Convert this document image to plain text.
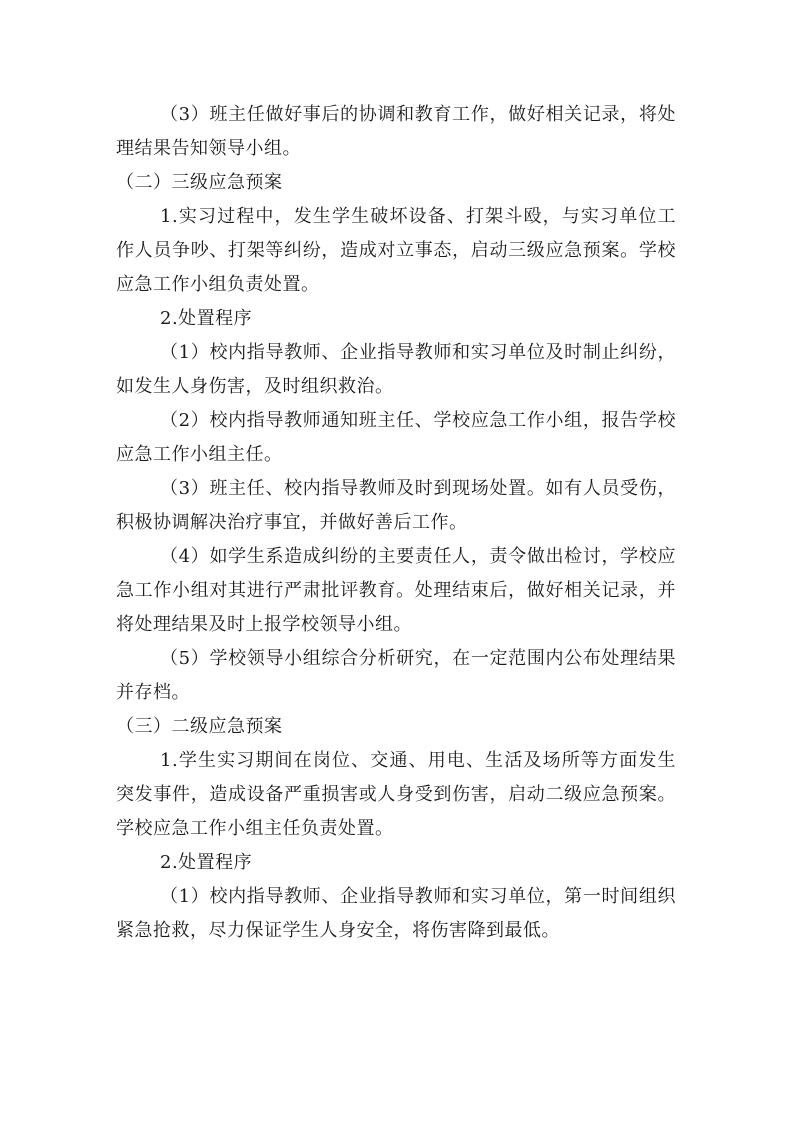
（3）班主任做好事后的协调和教育工作，做好相关记录，将处理结果告知领导小组。

（二）三级应急预案

1.实习过程中，发生学生破坏设备、打架斗殴，与实习单位工作人员争吵、打架等纠纷，造成对立事态，启动三级应急预案。学校应急工作小组负责处置。

2.处置程序

（1）校内指导教师、企业指导教师和实习单位及时制止纠纷，如发生人身伤害，及时组织救治。

（2）校内指导教师通知班主任、学校应急工作小组，报告学校应急工作小组主任。

（3）班主任、校内指导教师及时到现场处置。如有人员受伤，积极协调解决治疗事宜，并做好善后工作。

（4）如学生系造成纠纷的主要责任人，责令做出检讨，学校应急工作小组对其进行严肃批评教育。处理结束后，做好相关记录，并将处理结果及时上报学校领导小组。

（5）学校领导小组综合分析研究，在一定范围内公布处理结果并存档。

（三）二级应急预案

1.学生实习期间在岗位、交通、用电、生活及场所等方面发生突发事件，造成设备严重损害或人身受到伤害，启动二级应急预案。学校应急工作小组主任负责处置。

2.处置程序

（1）校内指导教师、企业指导教师和实习单位，第一时间组织紧急抢救，尽力保证学生人身安全，将伤害降到最低。
